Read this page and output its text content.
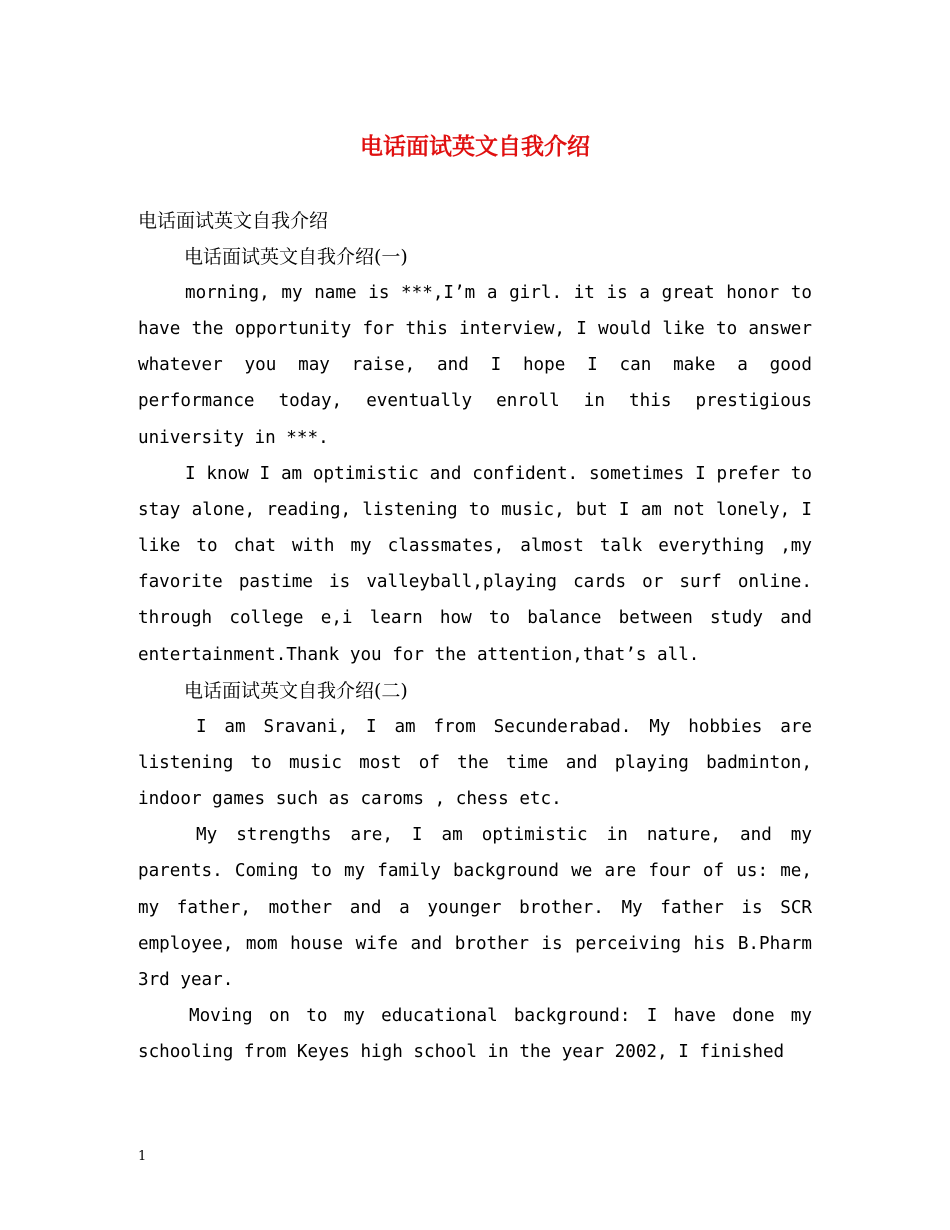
电话面试英文自我介绍
电话面试英文自我介绍
电话面试英文自我介绍(一)
morning, my name is ***,I’m a girl. it is a great honor to have the opportunity for this interview, I would like to answer whatever you may raise, and I hope I can make a good performance today, eventually enroll in this prestigious university in ***.
I know I am optimistic and confident. sometimes I prefer to stay alone, reading, listening to music, but I am not lonely, I like to chat with my classmates, almost talk everything ,my favorite pastime is valleyball,playing cards or surf online. through college e,i learn how to balance between study and entertainment.Thank you for the attention,that’s all.
电话面试英文自我介绍(二)
I am Sravani, I am from Secunderabad. My hobbies are listening to music most of the time and playing badminton, indoor games such as caroms , chess etc.
My strengths are, I am optimistic in nature, and my parents. Coming to my family background we are four of us: me, my father, mother and a younger brother. My father is SCR employee, mom house wife and brother is perceiving his B.Pharm 3rd year.
Moving on to my educational background: I have done my schooling from Keyes high school in the year 2002, I finished
1
